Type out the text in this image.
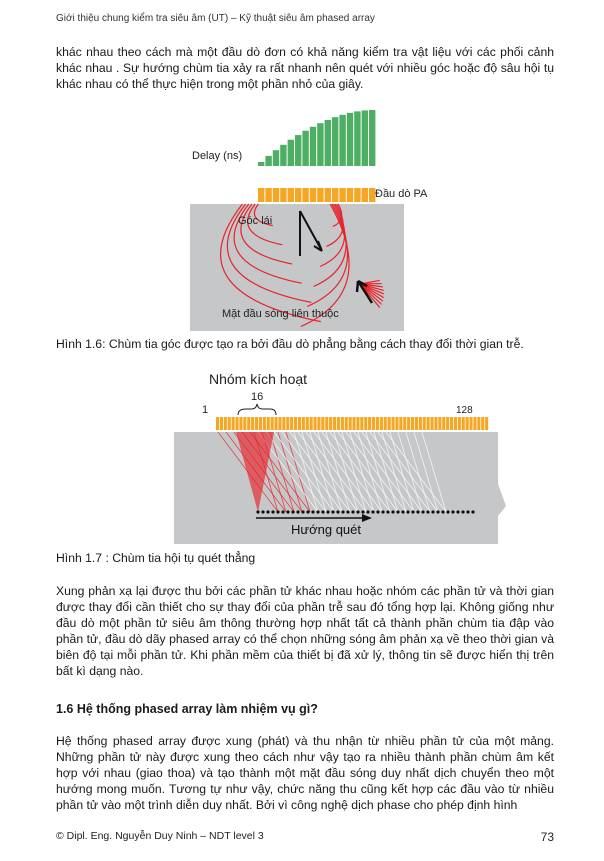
Giới thiệu chung kiểm tra siêu âm (UT) – Kỹ thuật siêu âm phased array

khác nhau theo cách mà một đầu dò đơn có khả năng kiểm tra vật liệu với các phối cảnh khác nhau . Sự hướng chùm tia xảy ra rất nhanh nên quét với nhiều góc hoặc độ sâu hội tụ khác nhau có thể thực hiện trong một phần nhỏ của giây.

Delay (ns)
Đầu dò PA
Góc lái
Mặt đầu sóng liên thuộc

Hình 1.6: Chùm tia góc được tạo ra bởi đầu dò phẳng bằng cách thay đổi thời gian trễ.

Nhóm kích hoạt
16
1	128
Hướng quét

Hình 1.7 : Chùm tia hội tụ quét thẳng

Xung phản xạ lại được thu bởi các phần tử khác nhau hoặc nhóm các phần tử và thời gian được thay đổi cần thiết cho sự thay đổi của phần trễ sau đó tổng hợp lại. Không giống như đầu dò một phần tử siêu âm thông thường hợp nhất tất cả thành phần chùm tia đập vào phần tử, đầu dò dãy phased array có thể chọn những sóng âm phản xạ về theo thời gian và biên độ tại mỗi phần tử. Khi phần mềm của thiết bị đã xử lý, thông tin sẽ được hiển thị trên bất kì dạng nào.

1.6 Hệ thống phased array làm nhiệm vụ gì?

Hệ thống phased array được xung (phát) và thu nhận từ nhiều phần tử của một mảng. Những phần tử này được xung theo cách như vậy tạo ra nhiều thành phần chùm âm kết hợp với nhau (giao thoa) và tạo thành một mặt đầu sóng duy nhất dịch chuyển theo một hướng mong muốn. Tương tự như vậy, chức năng thu cũng kết hợp các đầu vào từ nhiều phần tử vào một trình diễn duy nhất. Bởi vì công nghệ dịch phase cho phép định hình

© Dipl. Eng. Nguyễn Duy Ninh – NDT level 3	73
